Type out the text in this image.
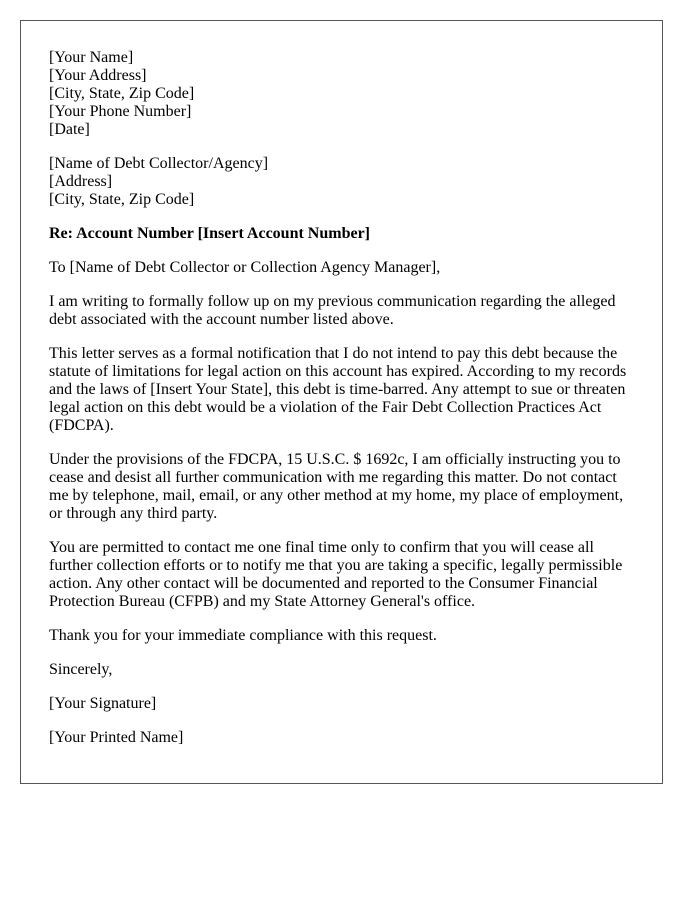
[Your Name]
[Your Address]
[City, State, Zip Code]
[Your Phone Number]
[Date]
[Name of Debt Collector/Agency]
[Address]
[City, State, Zip Code]

Re: Account Number [Insert Account Number]

To [Name of Debt Collector or Collection Agency Manager],

I am writing to formally follow up on my previous communication regarding the alleged debt associated with the account number listed above.

This letter serves as a formal notification that I do not intend to pay this debt because the statute of limitations for legal action on this account has expired. According to my records and the laws of [Insert Your State], this debt is time-barred. Any attempt to sue or threaten legal action on this debt would be a violation of the Fair Debt Collection Practices Act (FDCPA).

Under the provisions of the FDCPA, 15 U.S.C. $ 1692c, I am officially instructing you to cease and desist all further communication with me regarding this matter. Do not contact me by telephone, mail, email, or any other method at my home, my place of employment, or through any third party.

You are permitted to contact me one final time only to confirm that you will cease all further collection efforts or to notify me that you are taking a specific, legally permissible action. Any other contact will be documented and reported to the Consumer Financial Protection Bureau (CFPB) and my State Attorney General's office.

Thank you for your immediate compliance with this request.

Sincerely,

[Your Signature]

[Your Printed Name]
